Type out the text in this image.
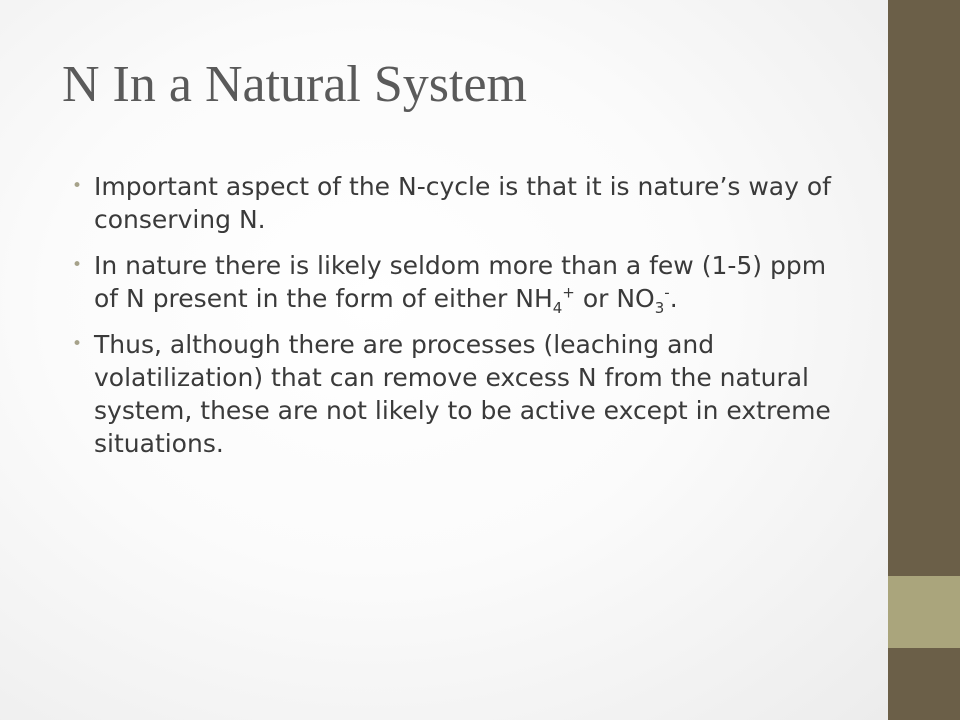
N In a Natural System
• Important aspect of the N-cycle is that it is nature’s way of conserving N.
• In nature there is likely seldom more than a few (1-5) ppm of N present in the form of either $NH_4^+$ or $NO_3^-$.
• Thus, although there are processes (leaching and volatilization) that can remove excess N from the natural system, these are not likely to be active except in extreme situations.
